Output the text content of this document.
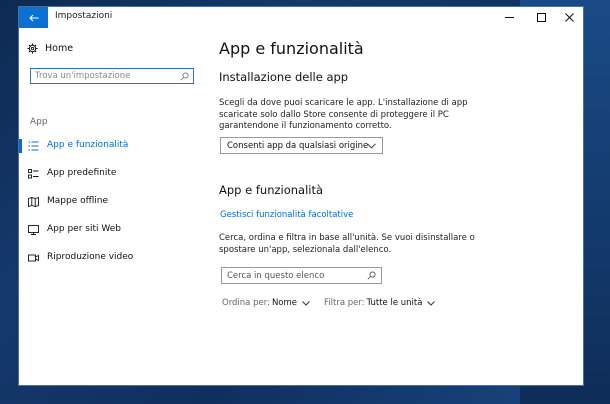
Impostazioni
Home
Trova un'impostazione
App
App e funzionalità
App predefinite
Mappe offline
App per siti Web
Riproduzione video
App e funzionalità
Installazione delle app
Scegli da dove puoi scaricare le app. L'installazione di app scaricate solo dallo Store consente di proteggere il PC garantendone il funzionamento corretto.
Consenti app da qualsiasi origine
App e funzionalità
Gestisci funzionalità facoltative
Cerca, ordina e filtra in base all'unità. Se vuoi disinstallare o spostare un'app, selezionala dall'elenco.
Cerca in questo elenco
Ordina per: Nome	Filtra per: Tutte le unità
